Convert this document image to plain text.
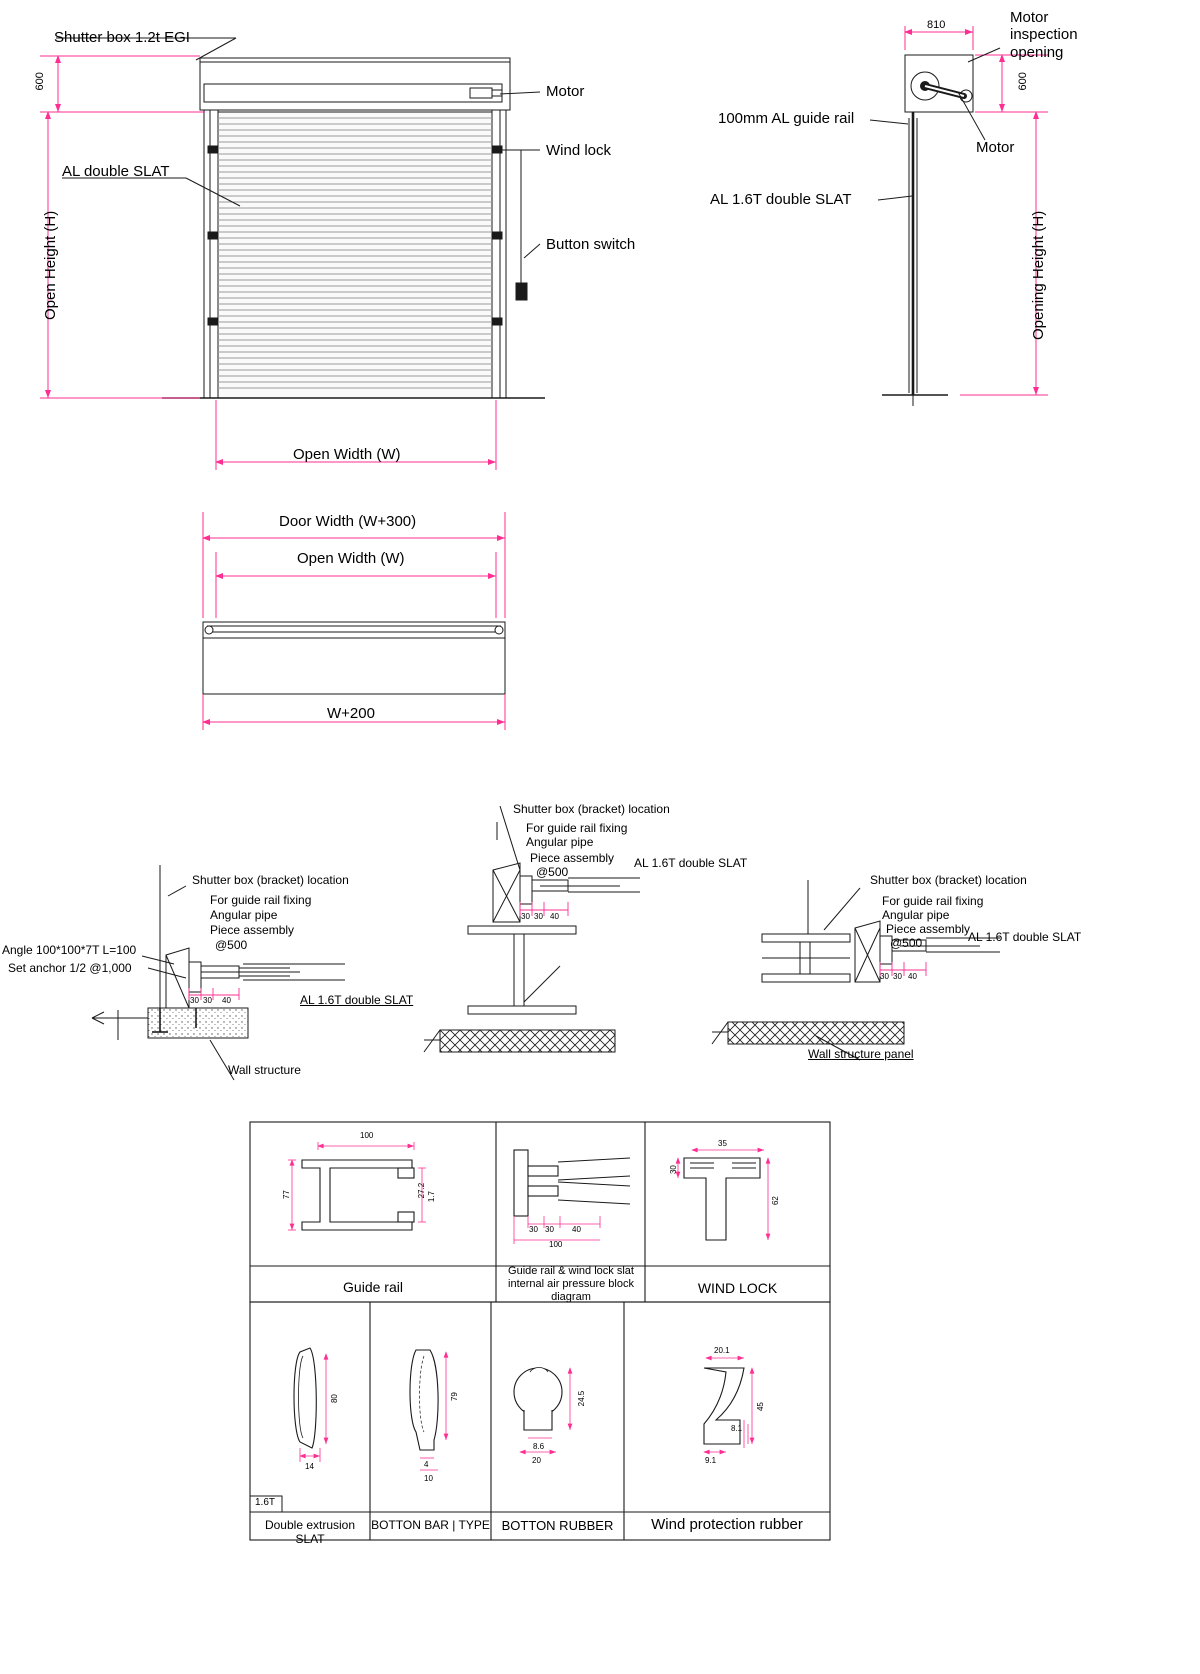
Shutter box 1.2t EGI
600
Open Height (H)
Motor
Wind lock
Button switch
AL double SLAT
Open Width (W)
810	Motor inspection opening
100mm AL guide rail
Motor
AL 1.6T double SLAT
600
Opening Height (H)
Door Width (W+300)
Open Width (W)
W+200
Angle 100*100*7T L=100
Set anchor 1/2 @1,000
Shutter box (bracket) location
For guide rail fixing
Angular pipe
Piece assembly
@500
AL 1.6T double SLAT
Wall structure
30 30 40
Shutter box (bracket) location
For guide rail fixing
Angular pipe
Piece assembly
@500
AL 1.6T double SLAT
30 30 40
Shutter box (bracket) location
For guide rail fixing
Angular pipe
Piece assembly
@500	AL 1.6T double SLAT
Wall structure panel
30 30 40
100
77	27.2 1.7
Guide rail
30 30 40
100
Guide rail & wind lock slat internal air pressure block diagram
35
30
62
WIND LOCK
80
14
1.6T
Double extrusion SLAT
79
4
10
BOTTON BAR | TYPE
24.5
8.6
20
BOTTON RUBBER
20.1
45
8.1
9.1
Wind protection rubber
